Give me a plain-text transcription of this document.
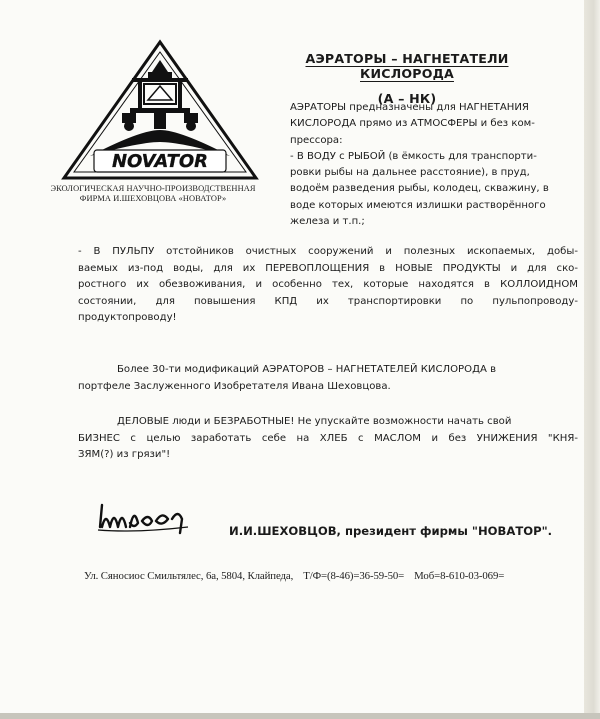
NOVATOR
ЭКОЛОГИЧЕСКАЯ НАУЧНО-ПРОИЗВОДСТВЕННАЯ
ФИРМА И.ШЕХОВЦОВА «НОВАТОР»
АЭРАТОРЫ – НАГНЕТАТЕЛИ КИСЛОРОДА
(А – НК)
АЭРАТОРЫ предназначены для НАГНЕТАНИЯ
КИСЛОРОДА прямо из АТМОСФЕРЫ и без ком-
прессора:
- В ВОДУ с РЫБОЙ (в ёмкость для транспорти-
ровки рыбы на дальнее расстояние), в пруд,
водоём разведения рыбы, колодец, скважину, в
воде которых имеются излишки растворённого
железа и т.п.;
- В ПУЛЬПУ отстойников очистных сооружений и полезных ископаемых, добы-
ваемых из-под воды, для их ПЕРЕВОПЛОЩЕНИЯ в НОВЫЕ ПРОДУКТЫ и для ско-
ростного их обезвоживания, и особенно тех, которые находятся в КОЛЛОИДНОМ
состоянии, для повышения КПД их транспортировки по пульпопроводу-
продуктопроводу!
Более 30-ти модификаций АЭРАТОРОВ – НАГНЕТАТЕЛЕЙ КИСЛОРОДА в
портфеле Заслуженного Изобретателя Ивана Шеховцова.
ДЕЛОВЫЕ люди и БЕЗРАБОТНЫЕ! Не упускайте возможности начать свой
БИЗНЕС с целью заработать себе на ХЛЕБ с МАСЛОМ и без УНИЖЕНИЯ "КНЯ-
ЗЯМ(?) из грязи"!
И.И.ШЕХОВЦОВ, президент фирмы "НОВАТОР".
Ул. Сяносиос Смильтялес, 6а, 5804, Клайпеда, Т/Ф=(8-46)=36-59-50= Моб=8-610-03-069=
